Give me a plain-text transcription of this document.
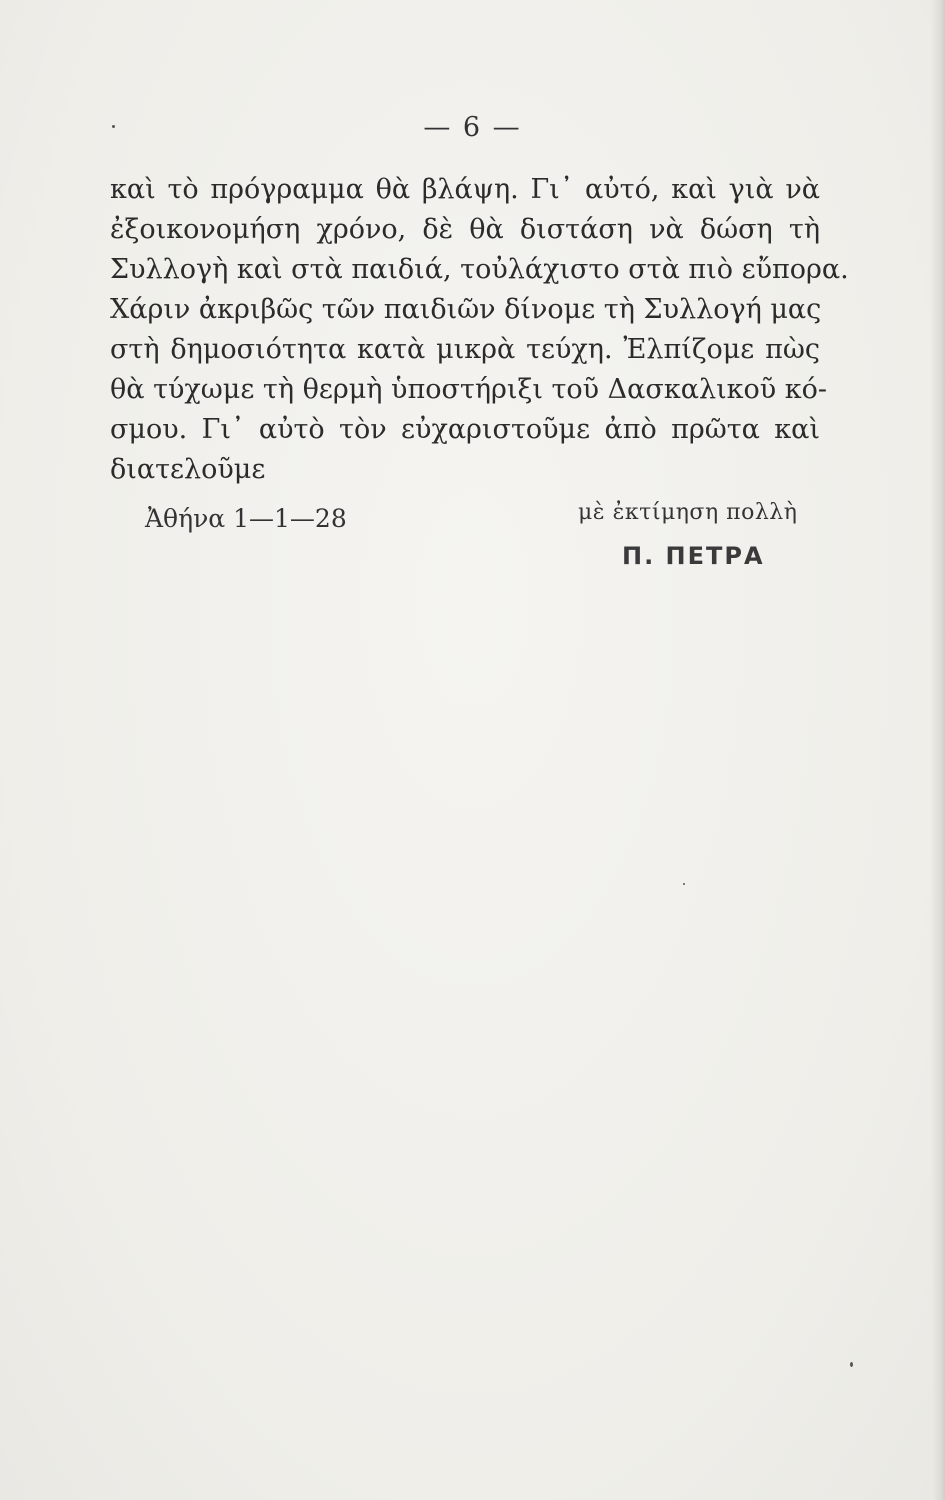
— 6 —
καὶ τὸ πρόγραμμα θὰ βλάψη. Γι᾽ αὐτό, καὶ γιὰ νὰ
ἐξοικονομήση χρόνο, δὲ θὰ διστάση νὰ δώση τὴ
Συλλογὴ καὶ στὰ παιδιά, τοὐλάχιστο στὰ πιὸ εὔπορα.
Χάριν ἀκριβῶς τῶν παιδιῶν δίνομε τὴ Συλλογή μας
στὴ δημοσιότητα κατὰ μικρὰ τεύχη. Ἐλπίζομε πὼς
θὰ τύχωμε τὴ θερμὴ ὑποστήριξι τοῦ Δασκαλικοῦ κό-
σμου. Γι᾽ αὐτὸ τὸν εὐχαριστοῦμε ἀπὸ πρῶτα καὶ
διατελοῦμε
Ἀθήνα 1—1—28	μὲ ἐκτίμηση πολλὴ
Π. ΠΕΤΡΑ
